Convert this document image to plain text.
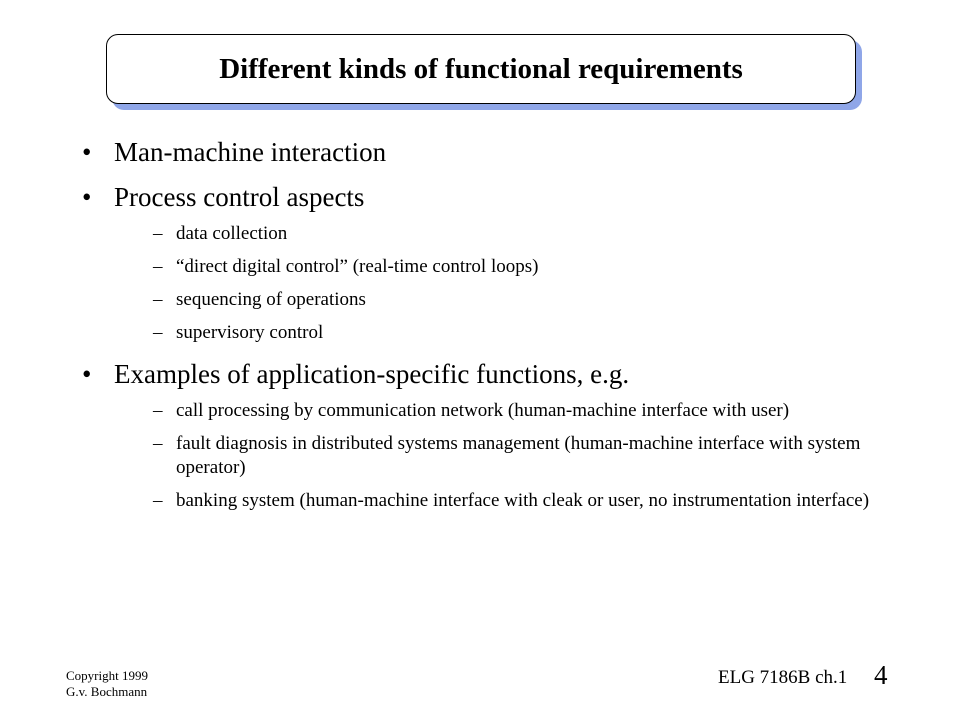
Different kinds of functional requirements
• Man-machine interaction
• Process control aspects
– data collection
– “direct digital control” (real-time control loops)
– sequencing of operations
– supervisory control
• Examples of application-specific functions, e.g.
– call processing by communication network (human-machine interface with user)
– fault diagnosis in distributed systems management (human-machine interface with system operator)
– banking system (human-machine interface with cleak or user, no instrumentation interface)
Copyright 1999
G.v. Bochmann
ELG 7186B ch.1 4
